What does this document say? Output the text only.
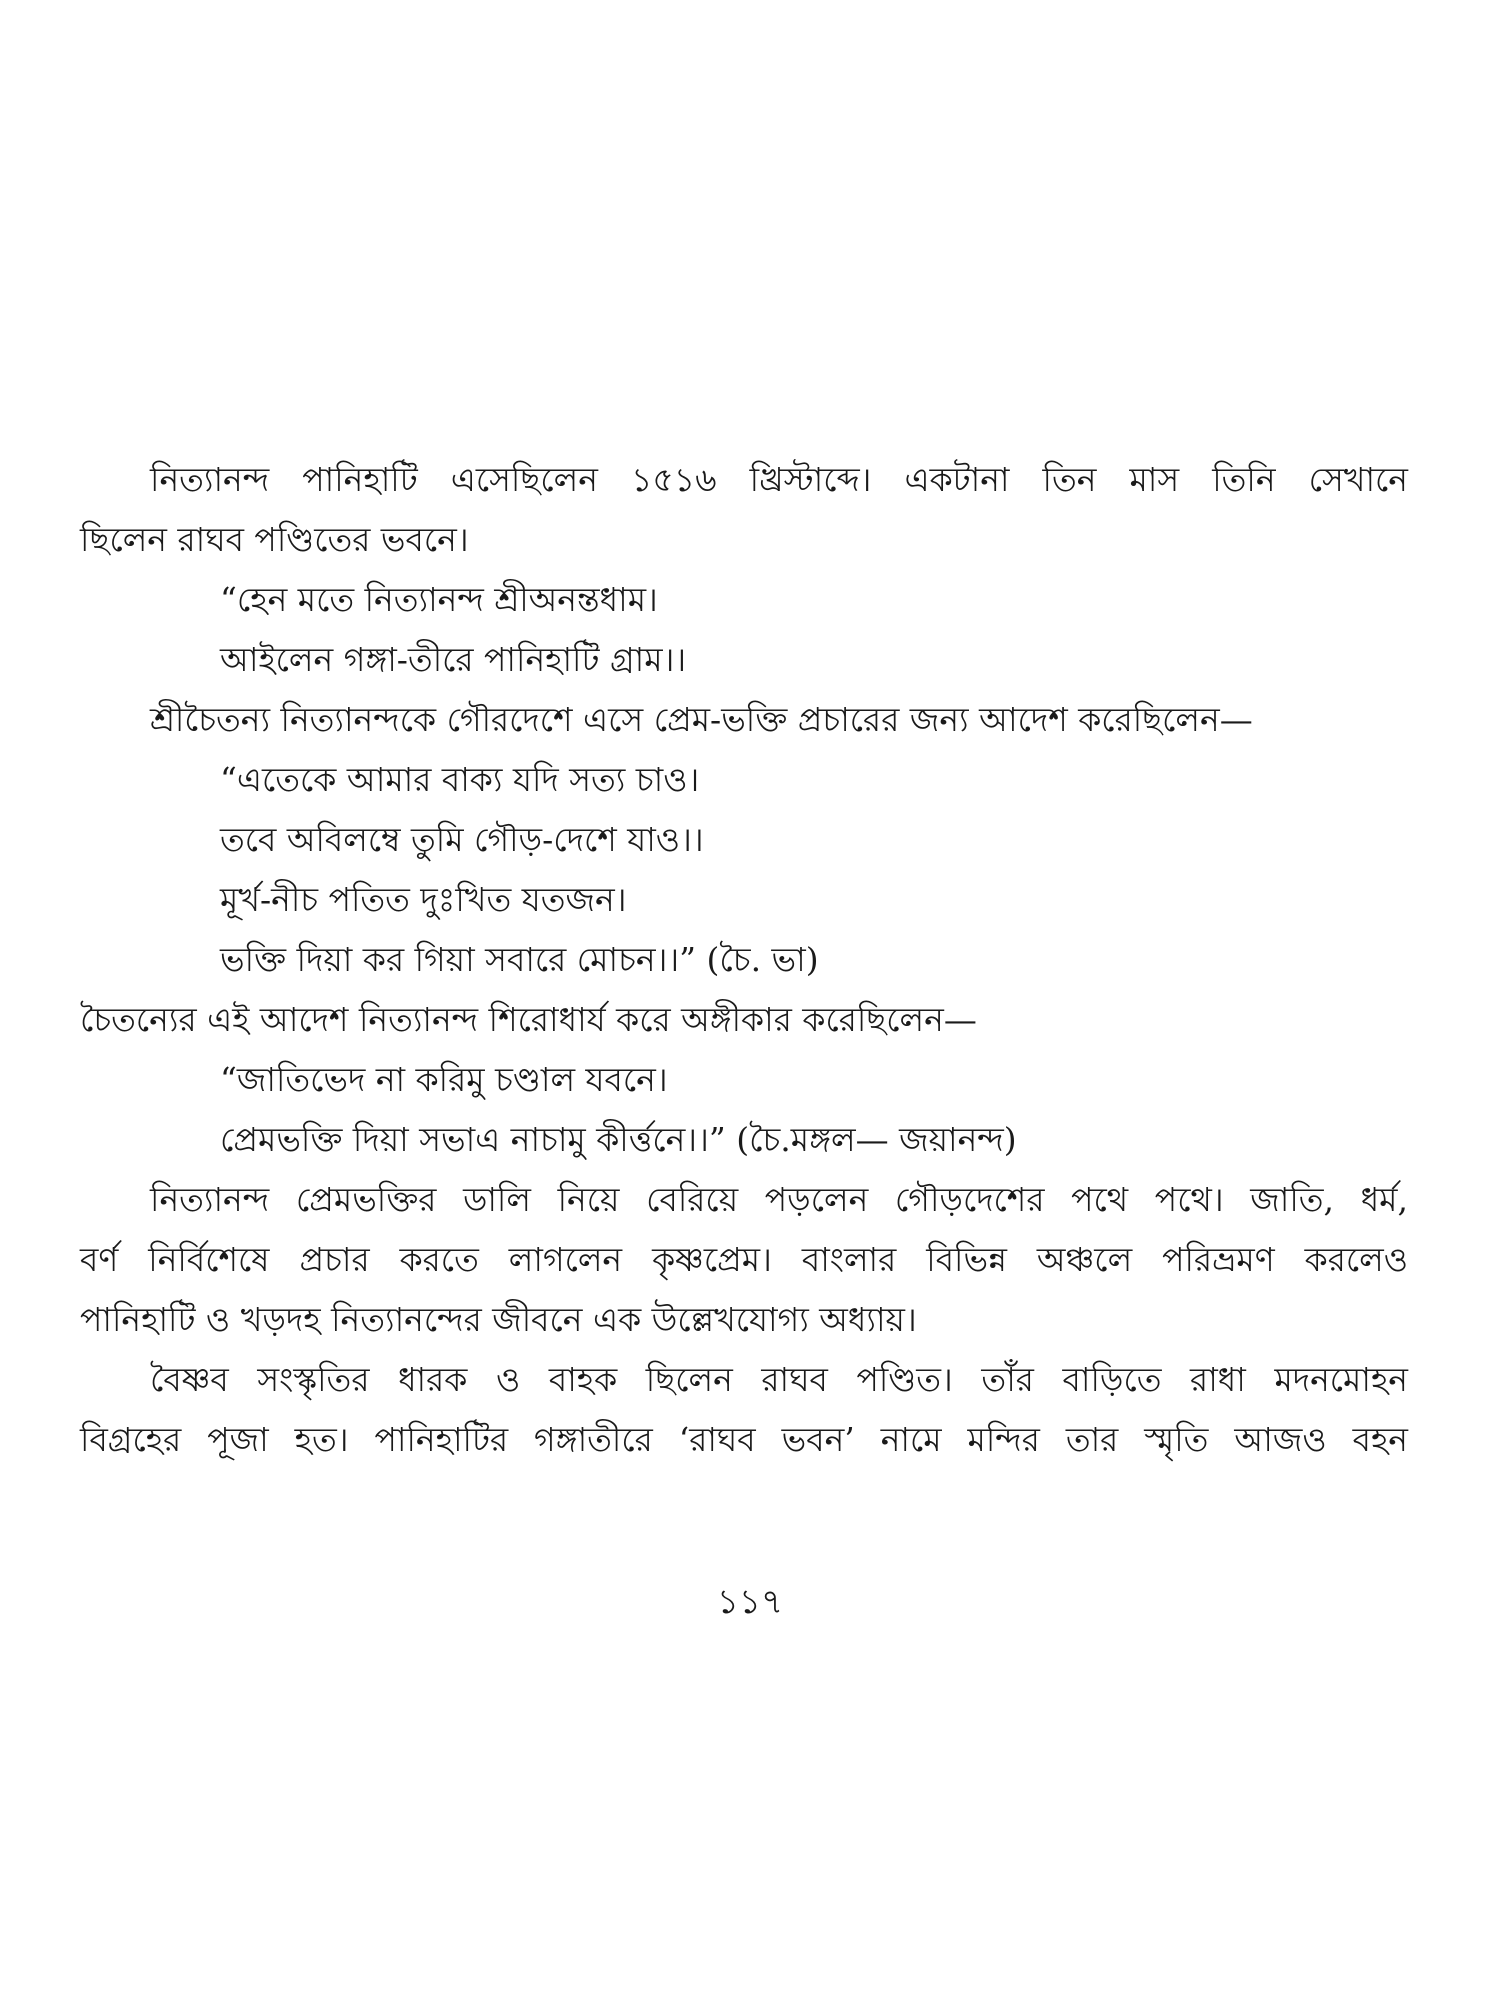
নিত্যানন্দ পানিহাটি এসেছিলেন ১৫১৬ খ্রিস্টাব্দে। একটানা তিন মাস তিনি সেখানে
ছিলেন রাঘব পণ্ডিতের ভবনে।
“হেন মতে নিত্যানন্দ শ্রীঅনন্তধাম।
আইলেন গঙ্গা-তীরে পানিহাটি গ্রাম।।
শ্রীচৈতন্য নিত্যানন্দকে গৌরদেশে এসে প্রেম-ভক্তি প্রচারের জন্য আদেশ করেছিলেন—
“এতেকে আমার বাক্য যদি সত্য চাও।
তবে অবিলম্বে তুমি গৌড়-দেশে যাও।।
মূর্খ-নীচ পতিত দুঃখিত যতজন।
ভক্তি দিয়া কর গিয়া সবারে মোচন।।” (চৈ. ভা)
চৈতন্যের এই আদেশ নিত্যানন্দ শিরোধার্য করে অঙ্গীকার করেছিলেন—
“জাতিভেদ না করিমু চণ্ডাল যবনে।
প্রেমভক্তি দিয়া সভাএ নাচামু কীর্ত্তনে।।” (চৈ.মঙ্গল— জয়ানন্দ)
নিত্যানন্দ প্রেমভক্তির ডালি নিয়ে বেরিয়ে পড়লেন গৌড়দেশের পথে পথে। জাতি, ধর্ম,
বর্ণ নির্বিশেষে প্রচার করতে লাগলেন কৃষ্ণপ্রেম। বাংলার বিভিন্ন অঞ্চলে পরিভ্রমণ করলেও
পানিহাটি ও খড়দহ নিত্যানন্দের জীবনে এক উল্লেখযোগ্য অধ্যায়।
বৈষ্ণব সংস্কৃতির ধারক ও বাহক ছিলেন রাঘব পণ্ডিত। তাঁর বাড়িতে রাধা মদনমোহন
বিগ্রহের পূজা হত। পানিহাটির গঙ্গাতীরে ‘রাঘব ভবন’ নামে মন্দির তার স্মৃতি আজও বহন
১১৭
